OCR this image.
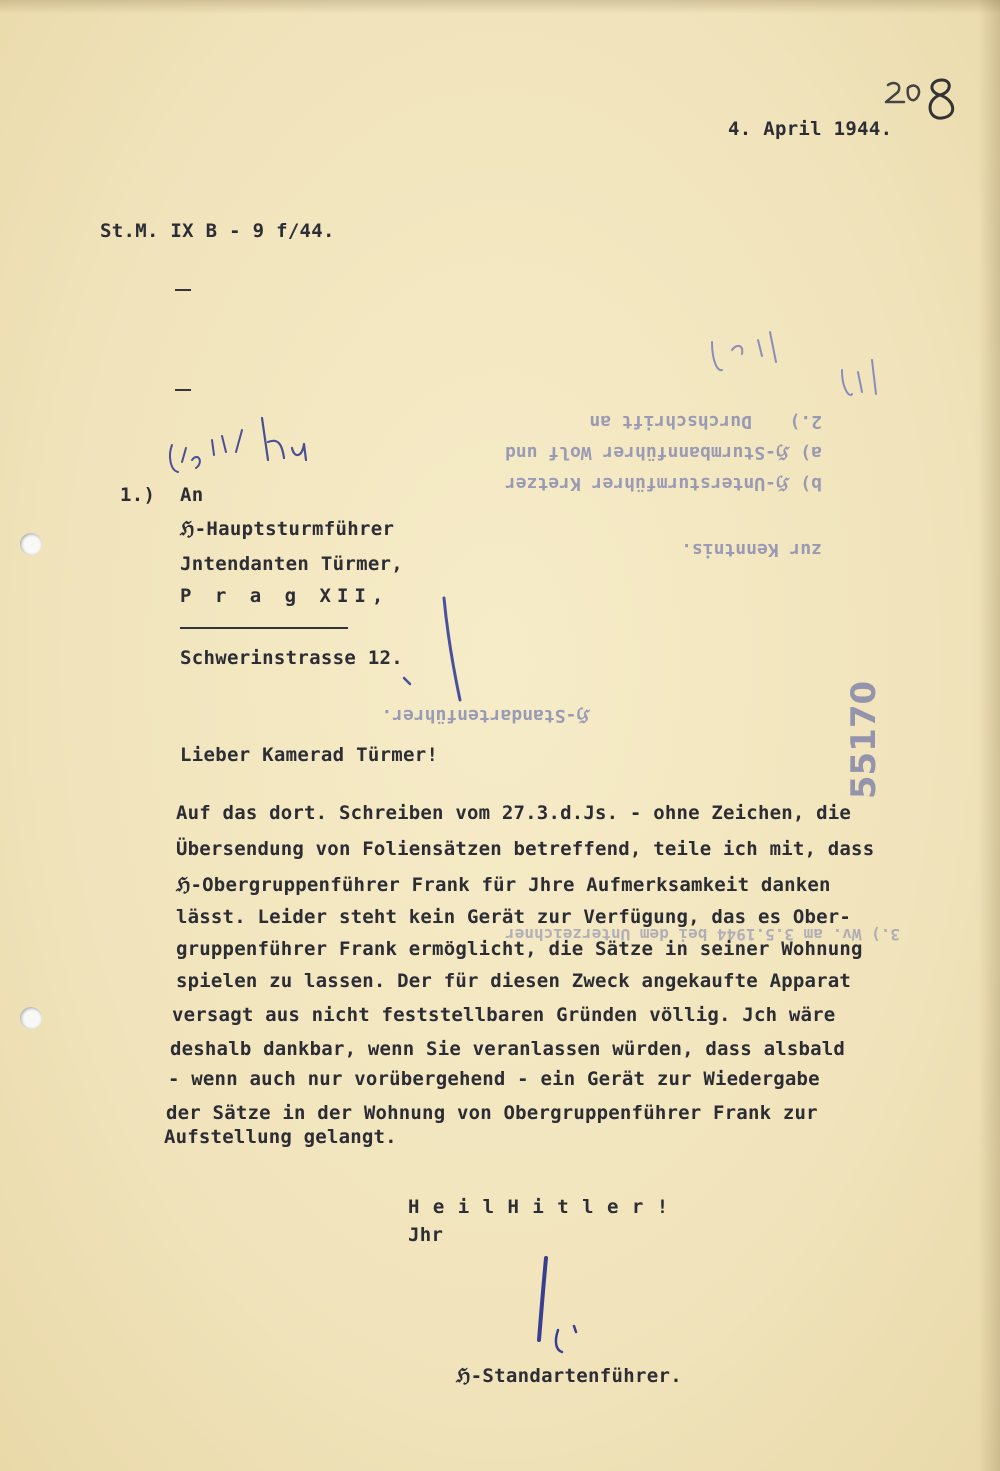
4. April 1944.
St.M. IX B - 9 f/44.
2.)
Durchschrift an
a) ℌ-Sturmbannführer Wolf und
b) ℌ-Untersturmführer Kretzer
zur Kenntnis.
ℌ-Standartenführer.
3.) Wv. am 3.5.1944 bei dem Unterzeichner
1.) An
ℌ-Hauptsturmführer
Jntendanten Türmer,
P r a g XII,
Schwerinstrasse 12.
Lieber Kamerad Türmer!
Auf das dort. Schreiben vom 27.3.d.Js. - ohne Zeichen, die
Übersendung von Foliensätzen betreffend, teile ich mit, dass
ℌ-Obergruppenführer Frank für Jhre Aufmerksamkeit danken
lässt. Leider steht kein Gerät zur Verfügung, das es Ober-
gruppenführer Frank ermöglicht, die Sätze in seiner Wohnung
spielen zu lassen. Der für diesen Zweck angekaufte Apparat
versagt aus nicht feststellbaren Gründen völlig. Jch wäre
deshalb dankbar, wenn Sie veranlassen würden, dass alsbald
- wenn auch nur vorübergehend - ein Gerät zur Wiedergabe
der Sätze in der Wohnung von Obergruppenführer Frank zur
Aufstellung gelangt.
H e i l H i t l e r !
Jhr
ℌ-Standartenführer.
55170
